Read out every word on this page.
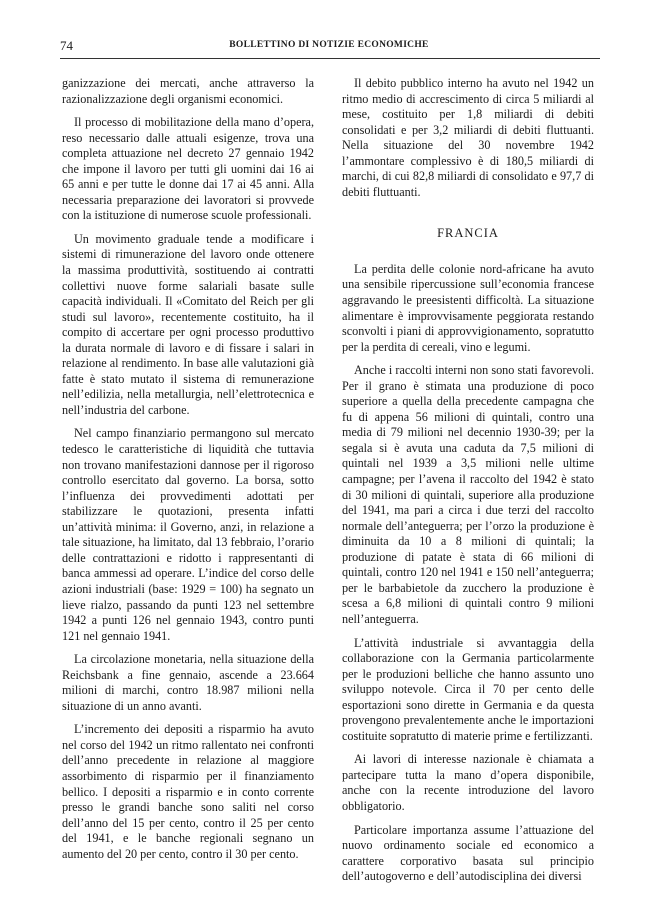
74	BOLLETTINO DI NOTIZIE ECONOMICHE

ganizzazione dei mercati, anche attraverso la razionalizzazione degli organismi economici.

Il processo di mobilitazione della mano d’opera, reso necessario dalle attuali esigenze, trova una completa attuazione nel decreto 27 gennaio 1942 che impone il lavoro per tutti gli uomini dai 16 ai 65 anni e per tutte le donne dai 17 ai 45 anni. Alla necessaria preparazione dei lavoratori si provvede con la istituzione di numerose scuole professionali.

Un movimento graduale tende a modificare i sistemi di rimunerazione del lavoro onde ottenere la massima produttività, sostituendo ai contratti collettivi nuove forme salariali basate sulle capacità individuali. Il «Comitato del Reich per gli studi sul lavoro», recentemente costituito, ha il compito di accertare per ogni processo produttivo la durata normale di lavoro e di fissare i salari in relazione al rendimento. In base alle valutazioni già fatte è stato mutato il sistema di remunerazione nell’edilizia, nella metallurgia, nell’elettrotecnica e nell’industria del carbone.

Nel campo finanziario permangono sul mercato tedesco le caratteristiche di liquidità che tuttavia non trovano manifestazioni dannose per il rigoroso controllo esercitato dal governo. La borsa, sotto l’influenza dei provvedimenti adottati per stabilizzare le quotazioni, presenta infatti un’attività minima: il Governo, anzi, in relazione a tale situazione, ha limitato, dal 13 febbraio, l’orario delle contrattazioni e ridotto i rappresentanti di banca ammessi ad operare. L’indice del corso delle azioni industriali (base: 1929 = 100) ha segnato un lieve rialzo, passando da punti 123 nel settembre 1942 a punti 126 nel gennaio 1943, contro punti 121 nel gennaio 1941.

La circolazione monetaria, nella situazione della Reichsbank a fine gennaio, ascende a 23.664 milioni di marchi, contro 18.987 milioni nella situazione di un anno avanti.

L’incremento dei depositi a risparmio ha avuto nel corso del 1942 un ritmo rallentato nei confronti dell’anno precedente in relazione al maggiore assorbimento di risparmio per il finanziamento bellico. I depositi a risparmio e in conto corrente presso le grandi banche sono saliti nel corso dell’anno del 15 per cento, contro il 25 per cento del 1941, e le banche regionali segnano un aumento del 20 per cento, contro il 30 per cento.

Il debito pubblico interno ha avuto nel 1942 un ritmo medio di accrescimento di circa 5 miliardi al mese, costituito per 1,8 miliardi di debiti consolidati e per 3,2 miliardi di debiti fluttuanti. Nella situazione del 30 novembre 1942 l’ammontare complessivo è di 180,5 miliardi di marchi, di cui 82,8 miliardi di consolidato e 97,7 di debiti fluttuanti.

FRANCIA

La perdita delle colonie nord-africane ha avuto una sensibile ripercussione sull’economia francese aggravando le preesistenti difficoltà. La situazione alimentare è improvvisamente peggiorata restando sconvolti i piani di approvvigionamento, sopratutto per la perdita di cereali, vino e legumi.

Anche i raccolti interni non sono stati favorevoli. Per il grano è stimata una produzione di poco superiore a quella della precedente campagna che fu di appena 56 milioni di quintali, contro una media di 79 milioni nel decennio 1930-39; per la segala si è avuta una caduta da 7,5 milioni di quintali nel 1939 a 3,5 milioni nelle ultime campagne; per l’avena il raccolto del 1942 è stato di 30 milioni di quintali, superiore alla produzione del 1941, ma pari a circa i due terzi del raccolto normale dell’anteguerra; per l’orzo la produzione è diminuita da 10 a 8 milioni di quintali; la produzione di patate è stata di 66 milioni di quintali, contro 120 nel 1941 e 150 nell’anteguerra; per le barbabietole da zucchero la produzione è scesa a 6,8 milioni di quintali contro 9 milioni nell’anteguerra.

L’attività industriale si avvantaggia della collaborazione con la Germania particolarmente per le produzioni belliche che hanno assunto uno sviluppo notevole. Circa il 70 per cento delle esportazioni sono dirette in Germania e da questa provengono prevalentemente anche le importazioni costituite sopratutto di materie prime e fertilizzanti.

Ai lavori di interesse nazionale è chiamata a partecipare tutta la mano d’opera disponibile, anche con la recente introduzione del lavoro obbligatorio.

Particolare importanza assume l’attuazione del nuovo ordinamento sociale ed economico a carattere corporativo basata sul principio dell’autogoverno e dell’autodisciplina dei diversi
